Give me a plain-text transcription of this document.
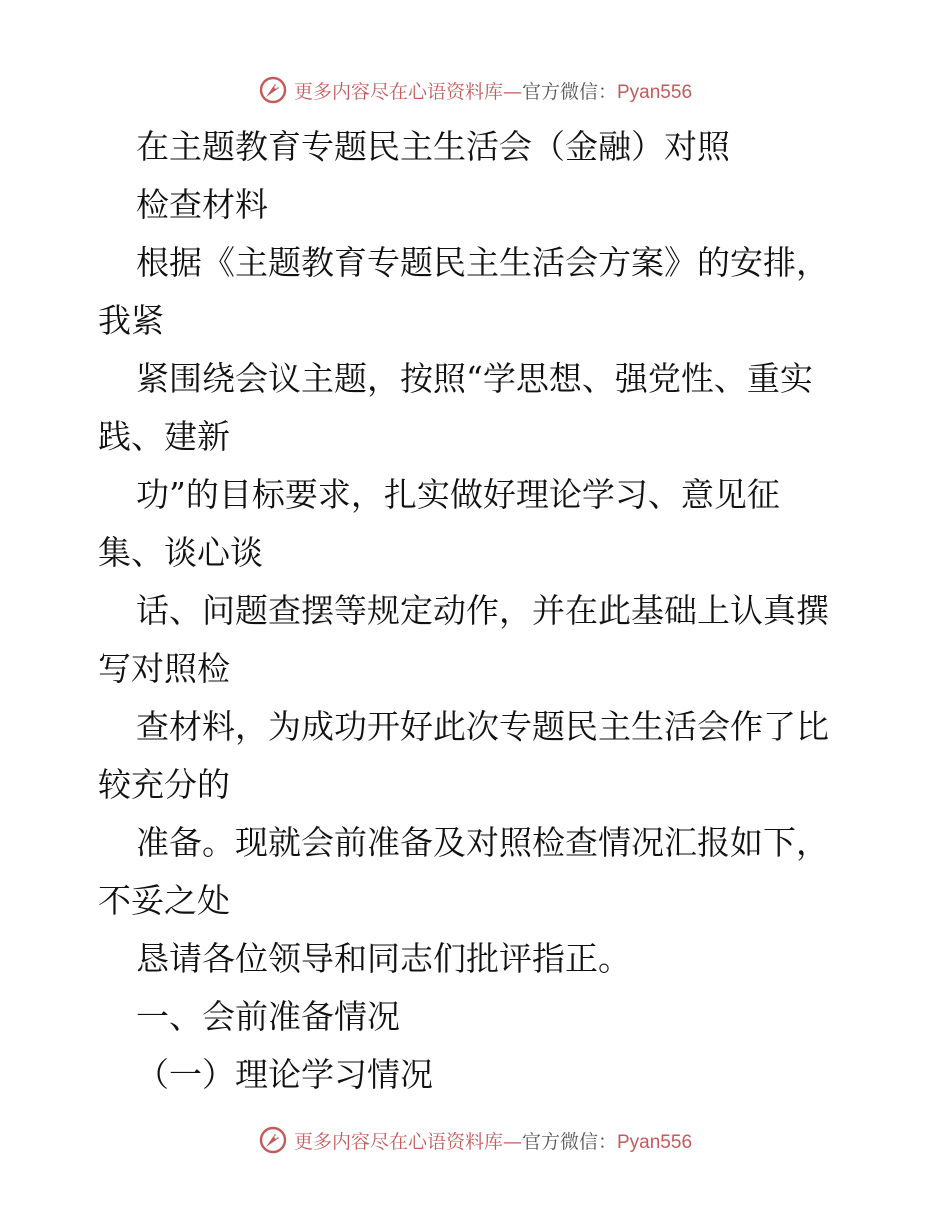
更多内容尽在心语资料库—官方微信：Pyan556
在主题教育专题民主生活会（金融）对照
检查材料
根据《主题教育专题民主生活会方案》的安排，
我紧
紧围绕会议主题，按照“学思想、强党性、重实
践、建新
功”的目标要求，扎实做好理论学习、意见征
集、谈心谈
话、问题查摆等规定动作，并在此基础上认真撰
写对照检
查材料，为成功开好此次专题民主生活会作了比
较充分的
准备。现就会前准备及对照检查情况汇报如下，
不妥之处
恳请各位领导和同志们批评指正。
一、会前准备情况
（一）理论学习情况
更多内容尽在心语资料库—官方微信：Pyan556
